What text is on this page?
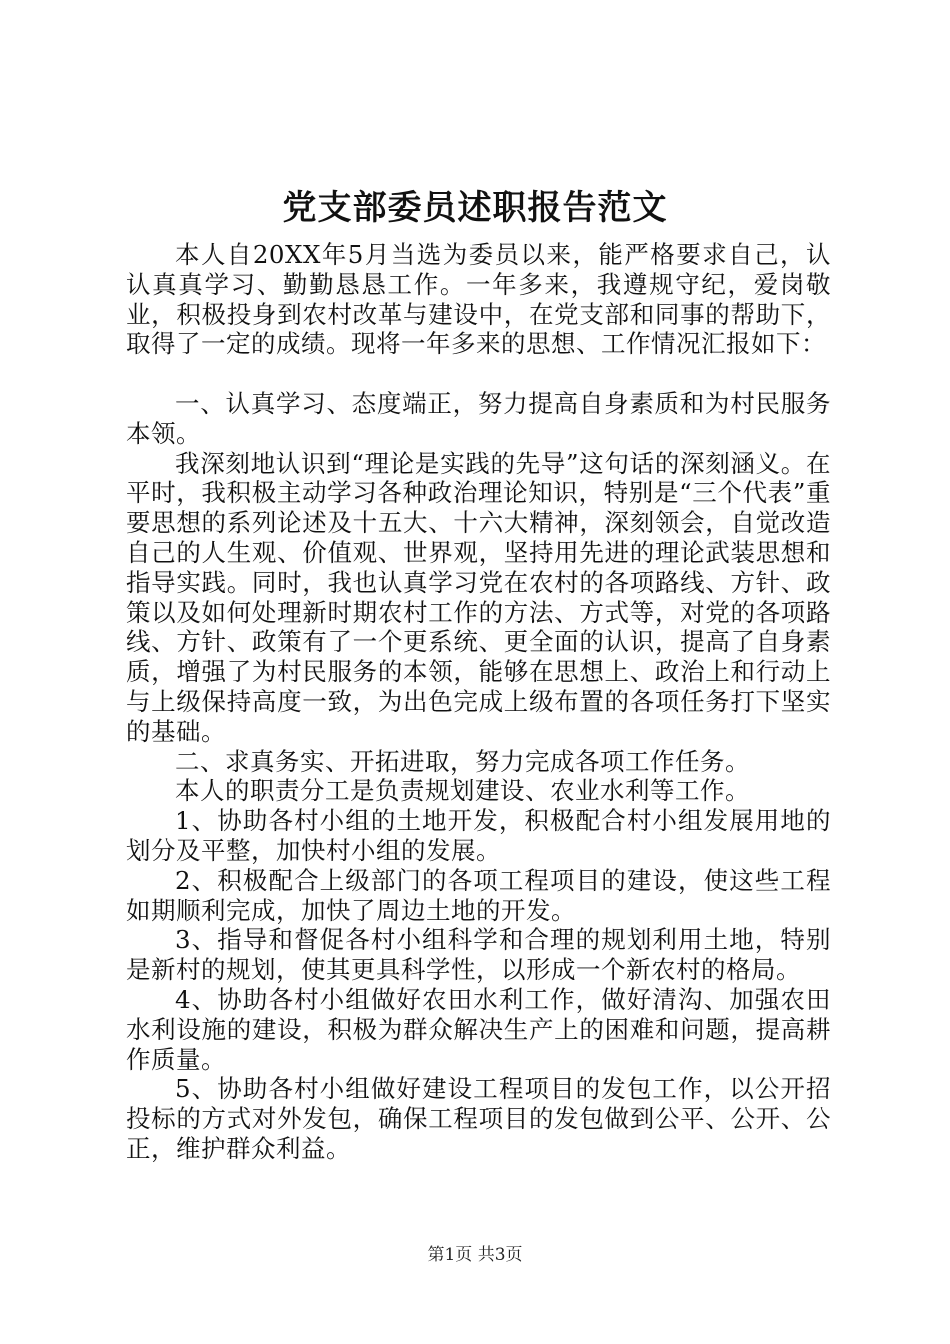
党支部委员述职报告范文

本人自20XX年5月当选为委员以来，能严格要求自己，认认真真学习、勤勤恳恳工作。一年多来，我遵规守纪，爱岗敬业，积极投身到农村改革与建设中，在党支部和同事的帮助下，取得了一定的成绩。现将一年多来的思想、工作情况汇报如下：

一、认真学习、态度端正，努力提高自身素质和为村民服务本领。

我深刻地认识到“理论是实践的先导”这句话的深刻涵义。在平时，我积极主动学习各种政治理论知识，特别是“三个代表”重要思想的系列论述及十五大、十六大精神，深刻领会，自觉改造自己的人生观、价值观、世界观，坚持用先进的理论武装思想和指导实践。同时，我也认真学习党在农村的各项路线、方针、政策以及如何处理新时期农村工作的方法、方式等，对党的各项路线、方针、政策有了一个更系统、更全面的认识，提高了自身素质，增强了为村民服务的本领，能够在思想上、政治上和行动上与上级保持高度一致，为出色完成上级布置的各项任务打下坚实的基础。

二、求真务实、开拓进取，努力完成各项工作任务。

本人的职责分工是负责规划建设、农业水利等工作。

1、协助各村小组的土地开发，积极配合村小组发展用地的划分及平整，加快村小组的发展。

2、积极配合上级部门的各项工程项目的建设，使这些工程如期顺利完成，加快了周边土地的开发。

3、指导和督促各村小组科学和合理的规划利用土地，特别是新村的规划，使其更具科学性，以形成一个新农村的格局。

4、协助各村小组做好农田水利工作，做好清沟、加强农田水利设施的建设，积极为群众解决生产上的困难和问题，提高耕作质量。

5、协助各村小组做好建设工程项目的发包工作，以公开招投标的方式对外发包，确保工程项目的发包做到公平、公开、公正，维护群众利益。

第1页 共3页
